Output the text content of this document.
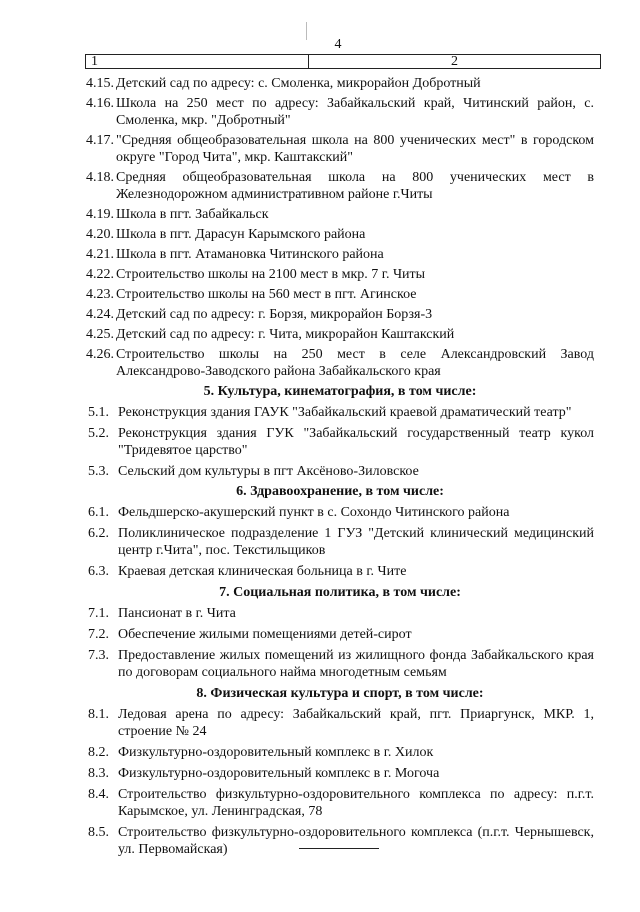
4
1	2
4.15. Детский сад по адресу: с. Смоленка, микрорайон Добротный
4.16. Школа на 250 мест по адресу: Забайкальский край, Читинский район, с. Смоленка, мкр. "Добротный"
4.17. "Средняя общеобразовательная школа на 800 ученических мест" в городском округе "Город Чита", мкр. Каштакский"
4.18. Средняя общеобразовательная школа на 800 ученических мест в Железнодорожном административном районе г.Читы
4.19. Школа в пгт. Забайкальск
4.20. Школа в пгт. Дарасун Карымского района
4.21. Школа в пгт. Атамановка Читинского района
4.22. Строительство школы на 2100 мест в мкр. 7 г. Читы
4.23. Строительство школы на 560 мест в пгт. Агинское
4.24. Детский сад по адресу: г. Борзя, микрорайон Борзя-3
4.25. Детский сад по адресу: г. Чита, микрорайон Каштакский
4.26. Строительство школы на 250 мест в селе Александровский Завод Александрово-Заводского района Забайкальского края
5. Культура, кинематография, в том числе:
5.1. Реконструкция здания ГАУК "Забайкальский краевой драматический театр"
5.2. Реконструкция здания ГУК "Забайкальский государственный театр кукол "Тридевятое царство"
5.3. Сельский дом культуры в пгт Аксёново-Зиловское
6. Здравоохранение, в том числе:
6.1. Фельдшерско-акушерский пункт в с. Сохондо Читинского района
6.2. Поликлиническое подразделение 1 ГУЗ "Детский клинический медицинский центр г.Чита", пос. Текстильщиков
6.3. Краевая детская клиническая больница в г. Чите
7. Социальная политика, в том числе:
7.1. Пансионат в г. Чита
7.2. Обеспечение жилыми помещениями детей-сирот
7.3. Предоставление жилых помещений из жилищного фонда Забайкальского края по договорам социального найма многодетным семьям
8. Физическая культура и спорт, в том числе:
8.1. Ледовая арена по адресу: Забайкальский край, пгт. Приаргунск, МКР. 1, строение № 24
8.2. Физкультурно-оздоровительный комплекс в г. Хилок
8.3. Физкультурно-оздоровительный комплекс в г. Могоча
8.4. Строительство физкультурно-оздоровительного комплекса по адресу: п.г.т. Карымское, ул. Ленинградская, 78
8.5. Строительство физкультурно-оздоровительного комплекса (п.г.т. Чернышевск, ул. Первомайская)
